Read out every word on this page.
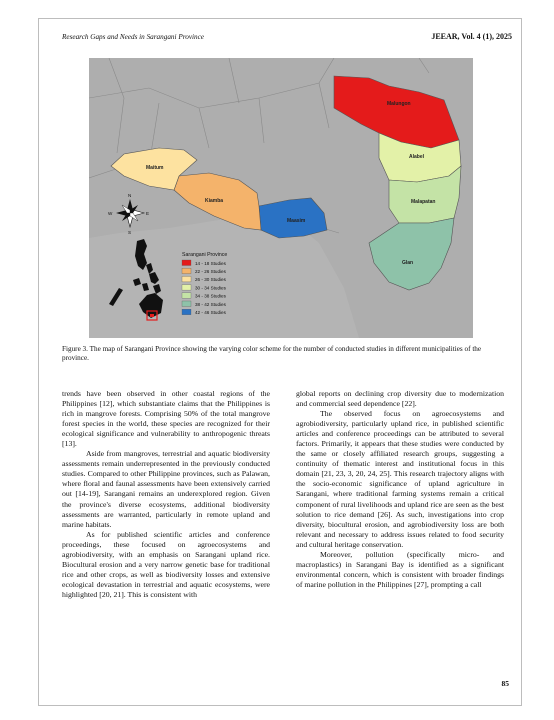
Research Gaps and Needs in Sarangani Province	JEEAR, Vol. 4 (1), 2025
Malungon
Alabel
Malapatan
Glan
Maasim
Kiamba
Maitum
N
S
E
W
Sarangani Province
14 - 18 Studies
22 - 26 Studies
26 - 30 Studies
30 - 34 Studies
34 - 38 Studies
38 - 42 Studies
42 - 46 Studies
Figure 3. The map of Sarangani Province showing the varying color scheme for the number of conducted studies in different municipalities of the province.

trends have been observed in other coastal regions of the Philippines [12], which substantiate claims that the Philippines is rich in mangrove forests. Comprising 50% of the total mangrove forest species in the world, these species are recognized for their ecological significance and vulnerability to anthropogenic threats [13].

Aside from mangroves, terrestrial and aquatic biodiversity assessments remain underrepresented in the previously conducted studies. Compared to other Philippine provinces, such as Palawan, where floral and faunal assessments have been extensively carried out [14-19], Sarangani remains an underexplored region. Given the province's diverse ecosystems, additional biodiversity assessments are warranted, particularly in remote upland and marine habitats.

As for published scientific articles and conference proceedings, these focused on agroecosystems and agrobiodiversity, with an emphasis on Sarangani upland rice. Biocultural erosion and a very narrow genetic base for traditional rice and other crops, as well as biodiversity losses and extensive ecological devastation in terrestrial and aquatic ecosystems, were highlighted [20, 21]. This is consistent with

global reports on declining crop diversity due to modernization and commercial seed dependence [22].

The observed focus on agroecosystems and agrobiodiversity, particularly upland rice, in published scientific articles and conference proceedings can be attributed to several factors. Primarily, it appears that these studies were conducted by the same or closely affiliated research groups, suggesting a continuity of thematic interest and institutional focus in this domain [21, 23, 3, 20, 24, 25]. This research trajectory aligns with the socio-economic significance of upland agriculture in Sarangani, where traditional farming systems remain a critical component of rural livelihoods and upland rice are seen as the best solution to rice demand [26]. As such, investigations into crop diversity, biocultural erosion, and agrobiodiversity loss are both relevant and necessary to address issues related to food security and cultural heritage conservation.

Moreover, pollution (specifically micro- and macroplastics) in Sarangani Bay is identified as a significant environmental concern, which is consistent with broader findings of marine pollution in the Philippines [27], prompting a call

85
